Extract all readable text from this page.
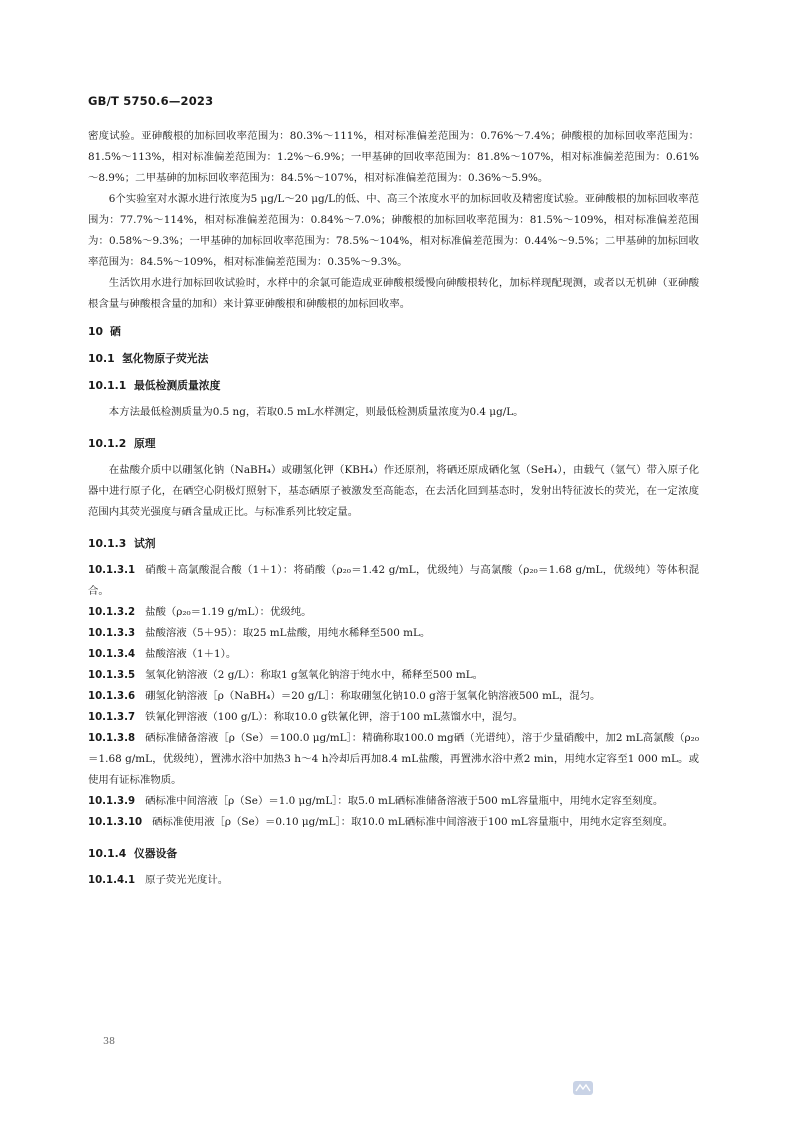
GB/T 5750.6—2023

密度试验。亚砷酸根的加标回收率范围为：80.3%～111%，相对标准偏差范围为：0.76%～7.4%；砷酸根的加标回收率范围为：81.5%～113%，相对标准偏差范围为：1.2%～6.9%；一甲基砷的回收率范围为：81.8%～107%，相对标准偏差范围为：0.61%～8.9%；二甲基砷的加标回收率范围为：84.5%～107%，相对标准偏差范围为：0.36%～5.9%。

6个实验室对水源水进行浓度为5 μg/L～20 μg/L的低、中、高三个浓度水平的加标回收及精密度试验。亚砷酸根的加标回收率范围为：77.7%～114%，相对标准偏差范围为：0.84%～7.0%；砷酸根的加标回收率范围为：81.5%～109%，相对标准偏差范围为：0.58%～9.3%；一甲基砷的加标回收率范围为：78.5%～104%，相对标准偏差范围为：0.44%～9.5%；二甲基砷的加标回收率范围为：84.5%～109%，相对标准偏差范围为：0.35%～9.3%。

生活饮用水进行加标回收试验时，水样中的余氯可能造成亚砷酸根缓慢向砷酸根转化，加标样现配现测，或者以无机砷（亚砷酸根含量与砷酸根含量的加和）来计算亚砷酸根和砷酸根的加标回收率。

10 硒

10.1 氢化物原子荧光法

10.1.1 最低检测质量浓度

本方法最低检测质量为0.5 ng，若取0.5 mL水样测定，则最低检测质量浓度为0.4 μg/L。

10.1.2 原理

在盐酸介质中以硼氢化钠（NaBH₄）或硼氢化钾（KBH₄）作还原剂，将硒还原成硒化氢（SeH₄），由载气（氩气）带入原子化器中进行原子化，在硒空心阴极灯照射下，基态硒原子被激发至高能态，在去活化回到基态时，发射出特征波长的荧光，在一定浓度范围内其荧光强度与硒含量成正比。与标准系列比较定量。

10.1.3 试剂

10.1.3.1 硝酸＋高氯酸混合酸（1＋1）：将硝酸（ρ₂₀＝1.42 g/mL，优级纯）与高氯酸（ρ₂₀＝1.68 g/mL，优级纯）等体积混合。

10.1.3.2 盐酸（ρ₂₀＝1.19 g/mL）：优级纯。

10.1.3.3 盐酸溶液（5＋95）：取25 mL盐酸，用纯水稀释至500 mL。

10.1.3.4 盐酸溶液（1＋1）。

10.1.3.5 氢氧化钠溶液（2 g/L）：称取1 g氢氧化钠溶于纯水中，稀释至500 mL。

10.1.3.6 硼氢化钠溶液［ρ（NaBH₄）＝20 g/L］：称取硼氢化钠10.0 g溶于氢氧化钠溶液500 mL，混匀。

10.1.3.7 铁氰化钾溶液（100 g/L）：称取10.0 g铁氰化钾，溶于100 mL蒸馏水中，混匀。

10.1.3.8 硒标准储备溶液［ρ（Se）＝100.0 μg/mL］：精确称取100.0 mg硒（光谱纯），溶于少量硝酸中，加2 mL高氯酸（ρ₂₀＝1.68 g/mL，优级纯），置沸水浴中加热3 h～4 h冷却后再加8.4 mL盐酸，再置沸水浴中煮2 min，用纯水定容至1 000 mL。或使用有证标准物质。

10.1.3.9 硒标准中间溶液［ρ（Se）＝1.0 μg/mL］：取5.0 mL硒标准储备溶液于500 mL容量瓶中，用纯水定容至刻度。

10.1.3.10 硒标准使用液［ρ（Se）＝0.10 μg/mL］：取10.0 mL硒标准中间溶液于100 mL容量瓶中，用纯水定容至刻度。

10.1.4 仪器设备

10.1.4.1 原子荧光光度计。

38
